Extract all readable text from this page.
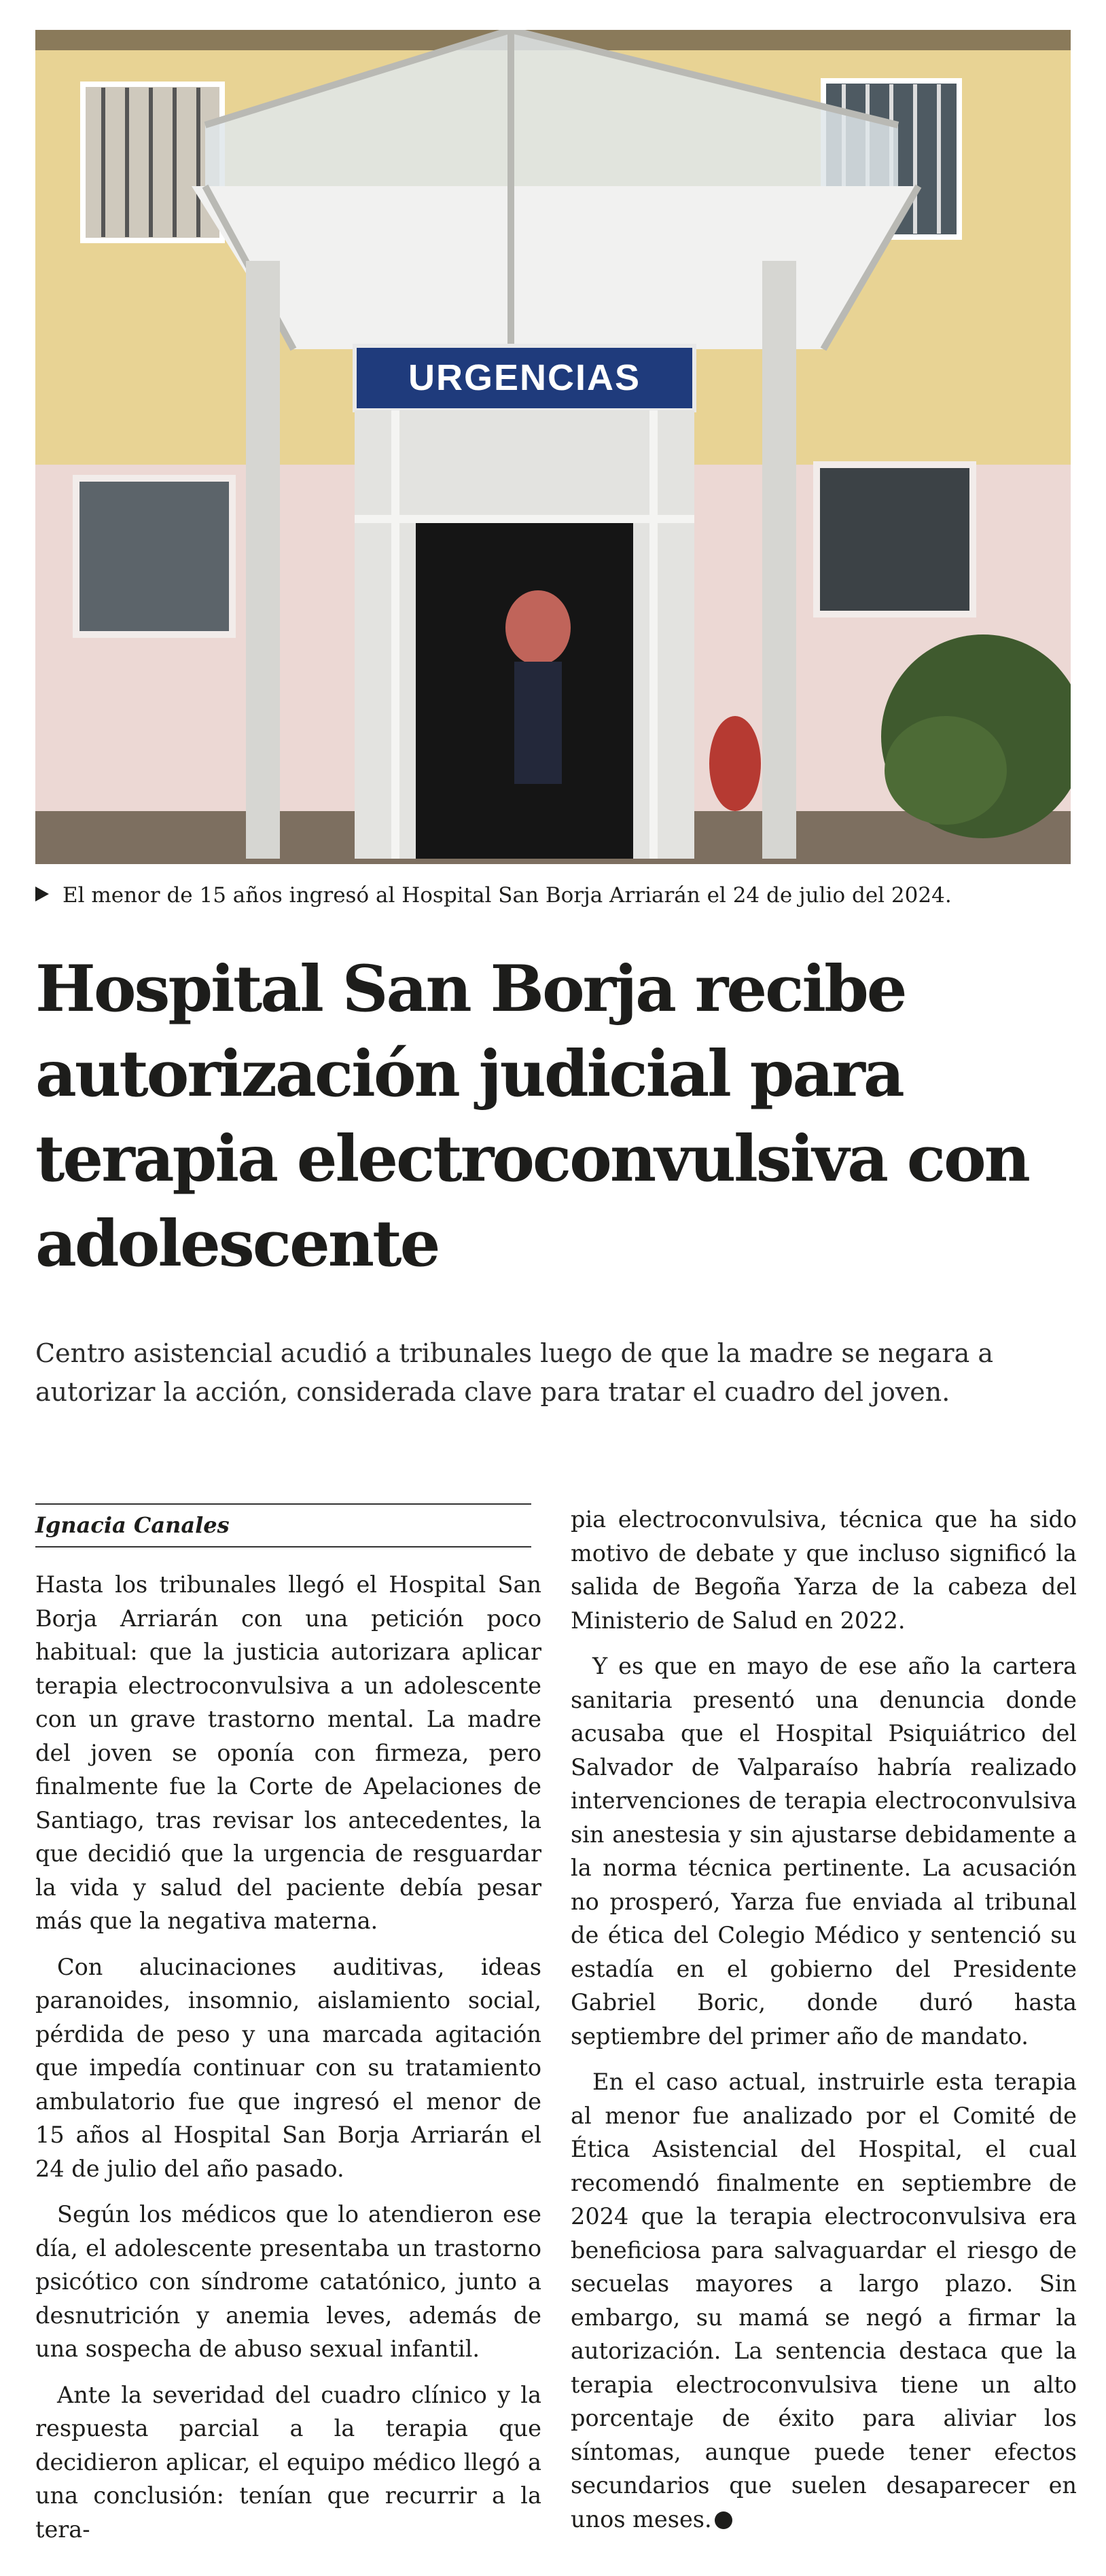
URGENCIAS
El menor de 15 años ingresó al Hospital San Borja Arriarán el 24 de julio del 2024.
Hospital San Borja recibe autorización judicial para terapia electroconvulsiva con adolescente

Centro asistencial acudió a tribunales luego de que la madre se negara a autorizar la acción, considerada clave para tratar el cuadro del joven.

Ignacia Canales

Hasta los tribunales llegó el Hospital San Borja Arriarán con una petición poco habitual: que la justicia autorizara aplicar terapia electroconvulsiva a un adolescente con un grave trastorno mental. La madre del joven se oponía con firmeza, pero finalmente fue la Corte de Apelaciones de Santiago, tras revisar los antecedentes, la que decidió que la urgencia de resguardar la vida y salud del paciente debía pesar más que la negativa materna.

Con alucinaciones auditivas, ideas paranoides, insomnio, aislamiento social, pérdida de peso y una marcada agitación que impedía continuar con su tratamiento ambulatorio fue que ingresó el menor de 15 años al Hospital San Borja Arriarán el 24 de julio del año pasado.

Según los médicos que lo atendieron ese día, el adolescente presentaba un trastorno psicótico con síndrome catatónico, junto a desnutrición y anemia leves, además de una sospecha de abuso sexual infantil.

Ante la severidad del cuadro clínico y la respuesta parcial a la terapia que decidieron aplicar, el equipo médico llegó a una conclusión: tenían que recurrir a la tera-

pia electroconvulsiva, técnica que ha sido motivo de debate y que incluso significó la salida de Begoña Yarza de la cabeza del Ministerio de Salud en 2022.

Y es que en mayo de ese año la cartera sanitaria presentó una denuncia donde acusaba que el Hospital Psiquiátrico del Salvador de Valparaíso habría realizado intervenciones de terapia electroconvulsiva sin anestesia y sin ajustarse debidamente a la norma técnica pertinente. La acusación no prosperó, Yarza fue enviada al tribunal de ética del Colegio Médico y sentenció su estadía en el gobierno del Presidente Gabriel Boric, donde duró hasta septiembre del primer año de mandato.

En el caso actual, instruirle esta terapia al menor fue analizado por el Comité de Ética Asistencial del Hospital, el cual recomendó finalmente en septiembre de 2024 que la terapia electroconvulsiva era beneficiosa para salvaguardar el riesgo de secuelas mayores a largo plazo. Sin embargo, su mamá se negó a firmar la autorización. La sentencia destaca que la terapia electroconvulsiva tiene un alto porcentaje de éxito para aliviar los síntomas, aunque puede tener efectos secundarios que suelen desaparecer en unos meses.
